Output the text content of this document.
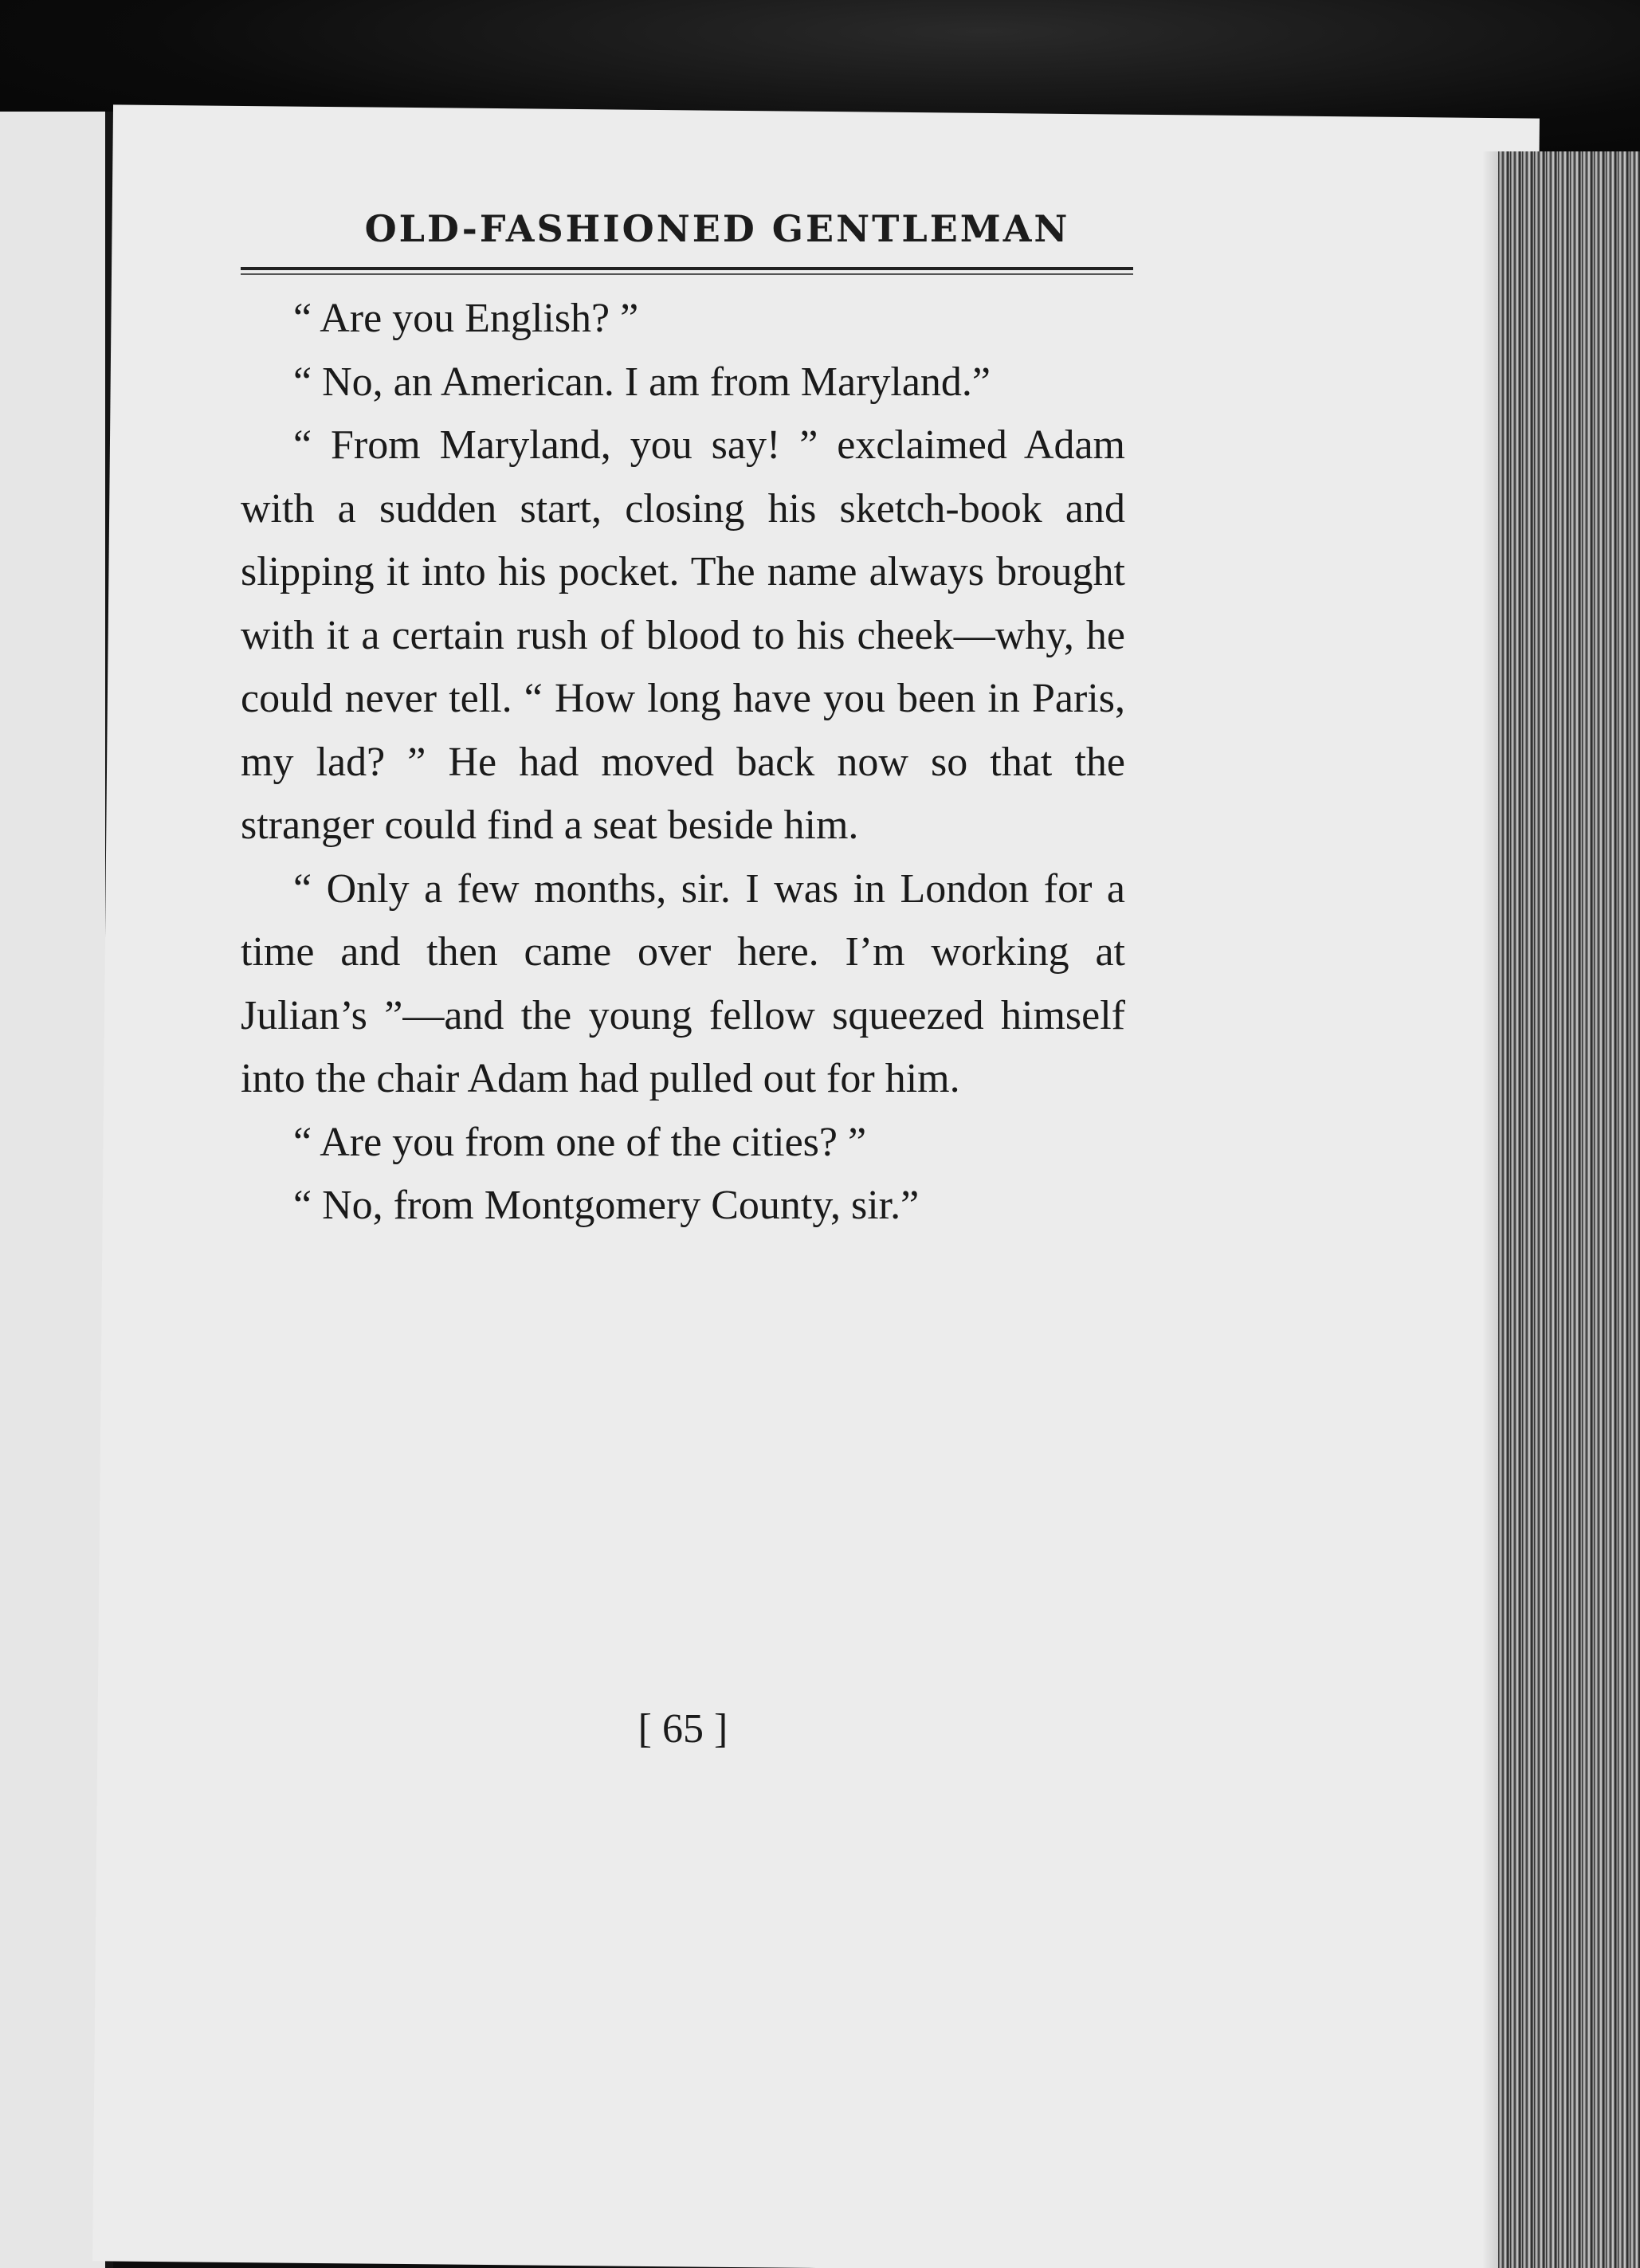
OLD-FASHIONED GENTLEMAN

“ Are you English? ”

“ No, an American. I am from Maryland.”

“ From Maryland, you say! ” exclaimed Adam with a sudden start, closing his sketch-book and slipping it into his pocket. The name always brought with it a certain rush of blood to his cheek—why, he could never tell. “ How long have you been in Paris, my lad? ” He had moved back now so that the stranger could find a seat beside him.

“ Only a few months, sir. I was in London for a time and then came over here. I’m working at Julian’s ”—and the young fellow squeezed himself into the chair Adam had pulled out for him.

“ Are you from one of the cities? ”

“ No, from Montgomery County, sir.”

[ 65 ]
